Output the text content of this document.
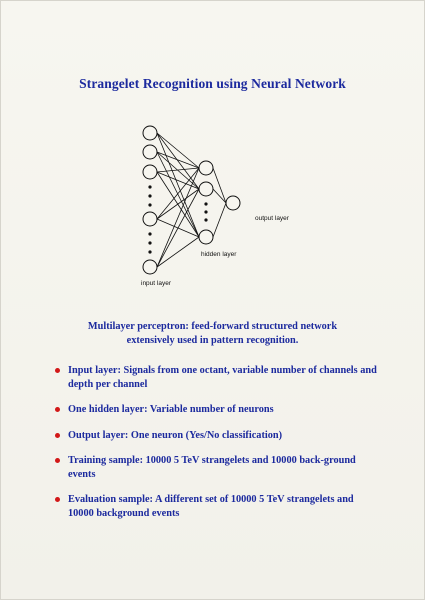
Strangelet Recognition using Neural Network
input layer
hidden layer
output layer
Multilayer perceptron: feed-forward structured network
extensively used in pattern recognition.
Input layer: Signals from one octant, variable number of channels and depth per channel
One hidden layer: Variable number of neurons
Output layer: One neuron (Yes/No classification)
Training sample: 10000 5 TeV strangelets and 10000 back-ground events
Evaluation sample: A different set of 10000 5 TeV strangelets and 10000 background events
